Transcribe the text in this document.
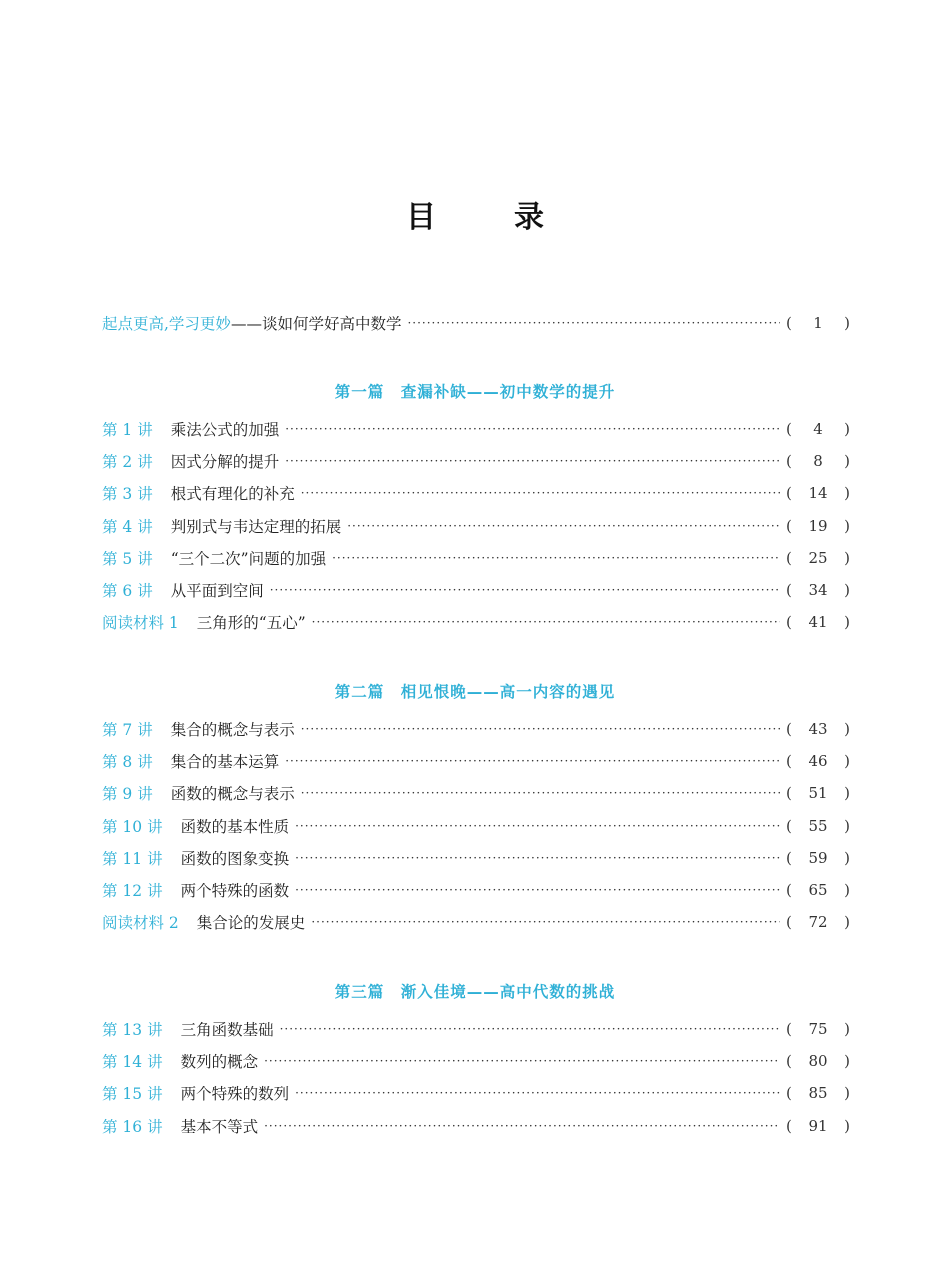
目	录
起点更高,学习更妙 ——谈如何学好高中数学 ·····	(	1	)
第一篇　查漏补缺——初中数学的提升
第 1 讲 乘法公式的加强 ·····	(	4	)
第 2 讲 因式分解的提升 ·····	(	8	)
第 3 讲 根式有理化的补充 ·····	(	14	)
第 4 讲 判别式与韦达定理的拓展 ·····	(	19	)
第 5 讲 “三个二次”问题的加强 ·····	(	25	)
第 6 讲 从平面到空间 ·····	(	34	)
阅读材料 1 三角形的“五心” ·····	(	41	)
第二篇　相见恨晚——高一内容的遇见
第 7 讲 集合的概念与表示 ·····	(	43	)
第 8 讲 集合的基本运算 ·····	(	46	)
第 9 讲 函数的概念与表示 ·····	(	51	)
第 10 讲 函数的基本性质 ·····	(	55	)
第 11 讲 函数的图象变换 ·····	(	59	)
第 12 讲 两个特殊的函数 ·····	(	65	)
阅读材料 2 集合论的发展史 ·····	(	72	)
第三篇　渐入佳境——高中代数的挑战
第 13 讲 三角函数基础 ·····	(	75	)
第 14 讲 数列的概念 ·····	(	80	)
第 15 讲 两个特殊的数列 ·····	(	85	)
第 16 讲 基本不等式 ·····	(	91	)
